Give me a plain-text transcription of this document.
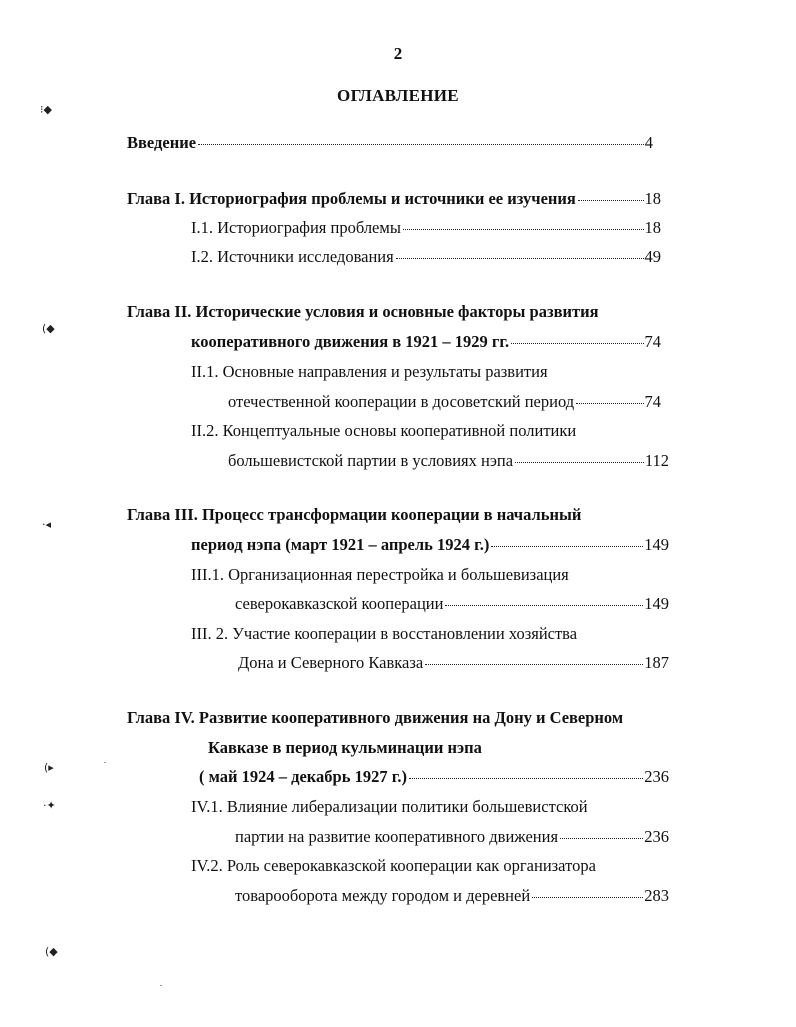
2
ОГЛАВЛЕНИЕ
Введение	4
Глава I. Историография проблемы и источники ее изучения	18
I.1. Историография проблемы	18
I.2. Источники исследования	49
Глава II. Исторические условия и основные факторы развития
кооперативного движения в 1921 – 1929 гг.	74
II.1. Основные направления и результаты развития
отечественной кооперации в досоветский период	74
II.2. Концептуальные основы кооперативной политики
большевистской партии в условиях нэпа	112
Глава III. Процесс трансформации кооперации в начальный
период нэпа (март 1921 – апрель 1924 г.)	149
III.1. Организационная перестройка и большевизация
северокавказской кооперации	149
III. 2. Участие кооперации в восстановлении хозяйства
Дона и Северного Кавказа	187
Глава IV. Развитие кооперативного движения на Дону и Северном
Кавказе в период кульминации нэпа
( май 1924 – декабрь 1927 г.)	236
IV.1. Влияние либерализации политики большевистской
партии на развитие кооперативного движения	236
IV.2. Роль северокавказской кооперации как организатора
товарооборота между городом и деревней	283
⁝◆
(◆
·◂
(▸
·✦
(◆
